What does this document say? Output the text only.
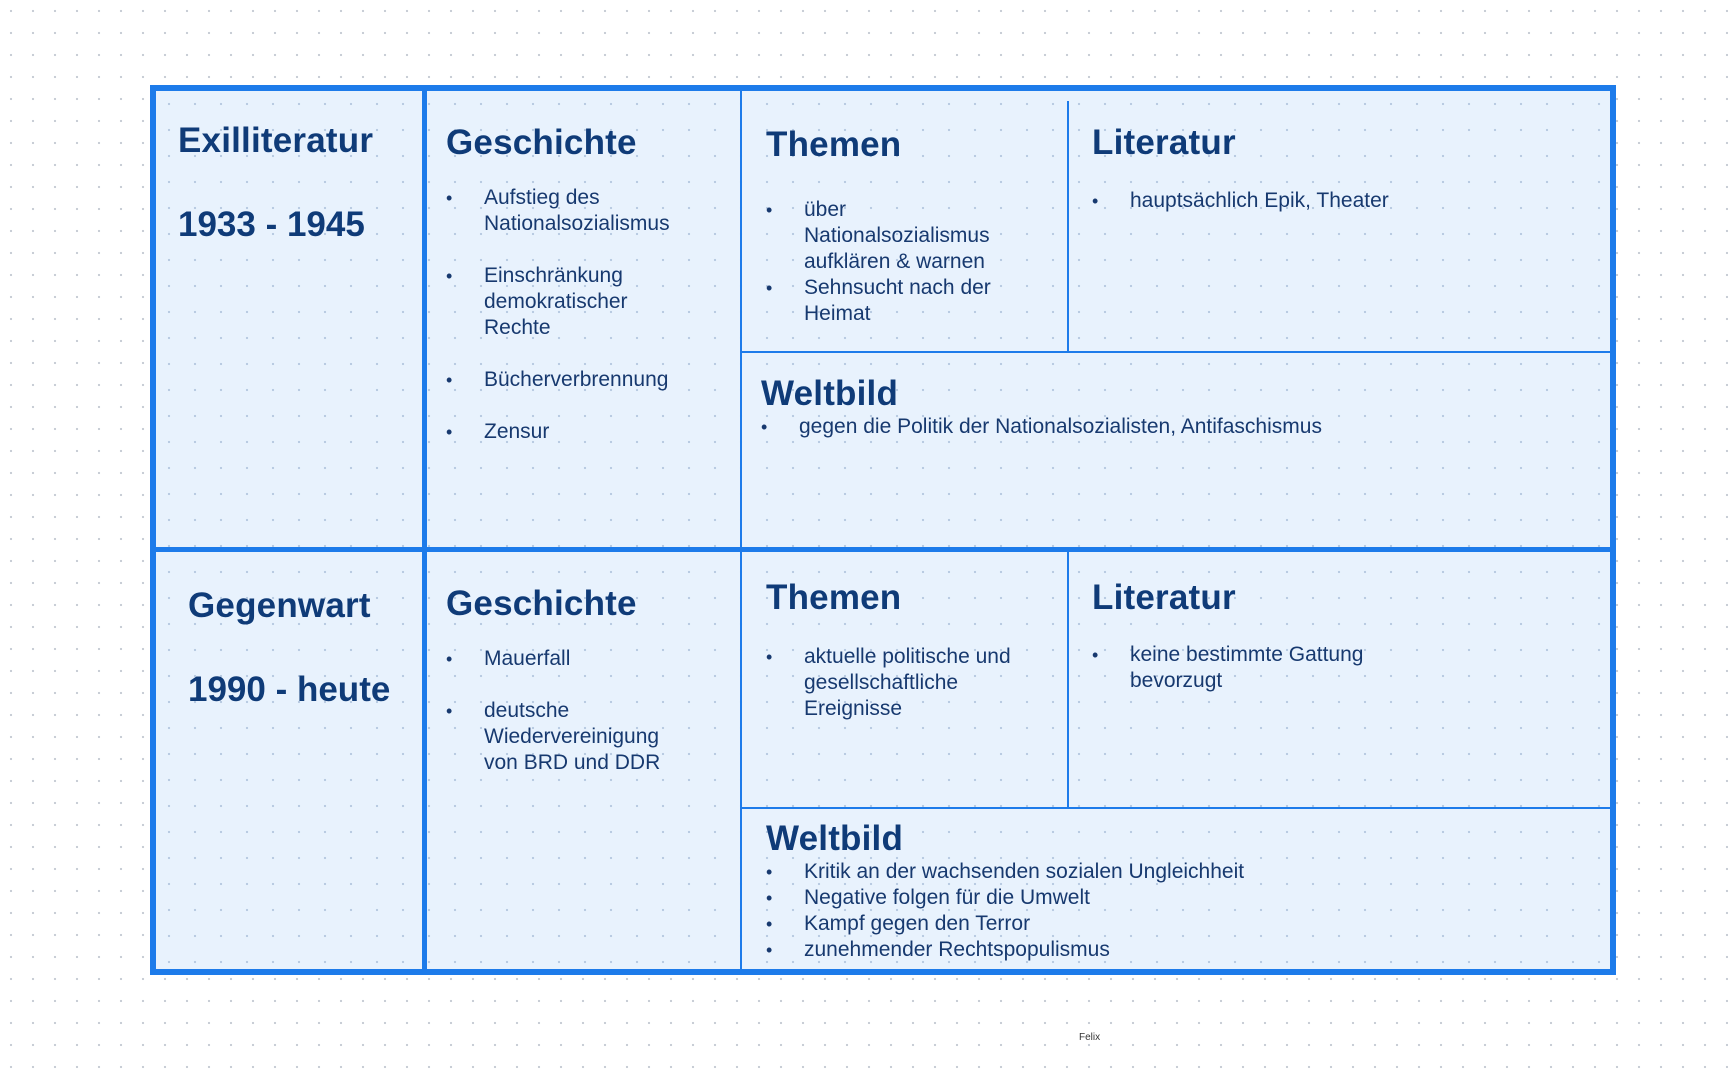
Exilliteratur
1933 - 1945
Geschichte
• Aufstieg des Nationalsozialismus
• Einschränkung demokratischer Rechte
• Bücherverbrennung
• Zensur
Themen
• über Nationalsozialismus aufklären & warnen
• Sehnsucht nach der Heimat
Literatur
• hauptsächlich Epik, Theater
Weltbild
• gegen die Politik der Nationalsozialisten, Antifaschismus
Gegenwart
1990 - heute
Geschichte
• Mauerfall
• deutsche Wiedervereinigung von BRD und DDR
Themen
• aktuelle politische und gesellschaftliche Ereignisse
Literatur
• keine bestimmte Gattung bevorzugt
Weltbild
• Kritik an der wachsenden sozialen Ungleichheit
• Negative folgen für die Umwelt
• Kampf gegen den Terror
• zunehmender Rechtspopulismus
Felix
